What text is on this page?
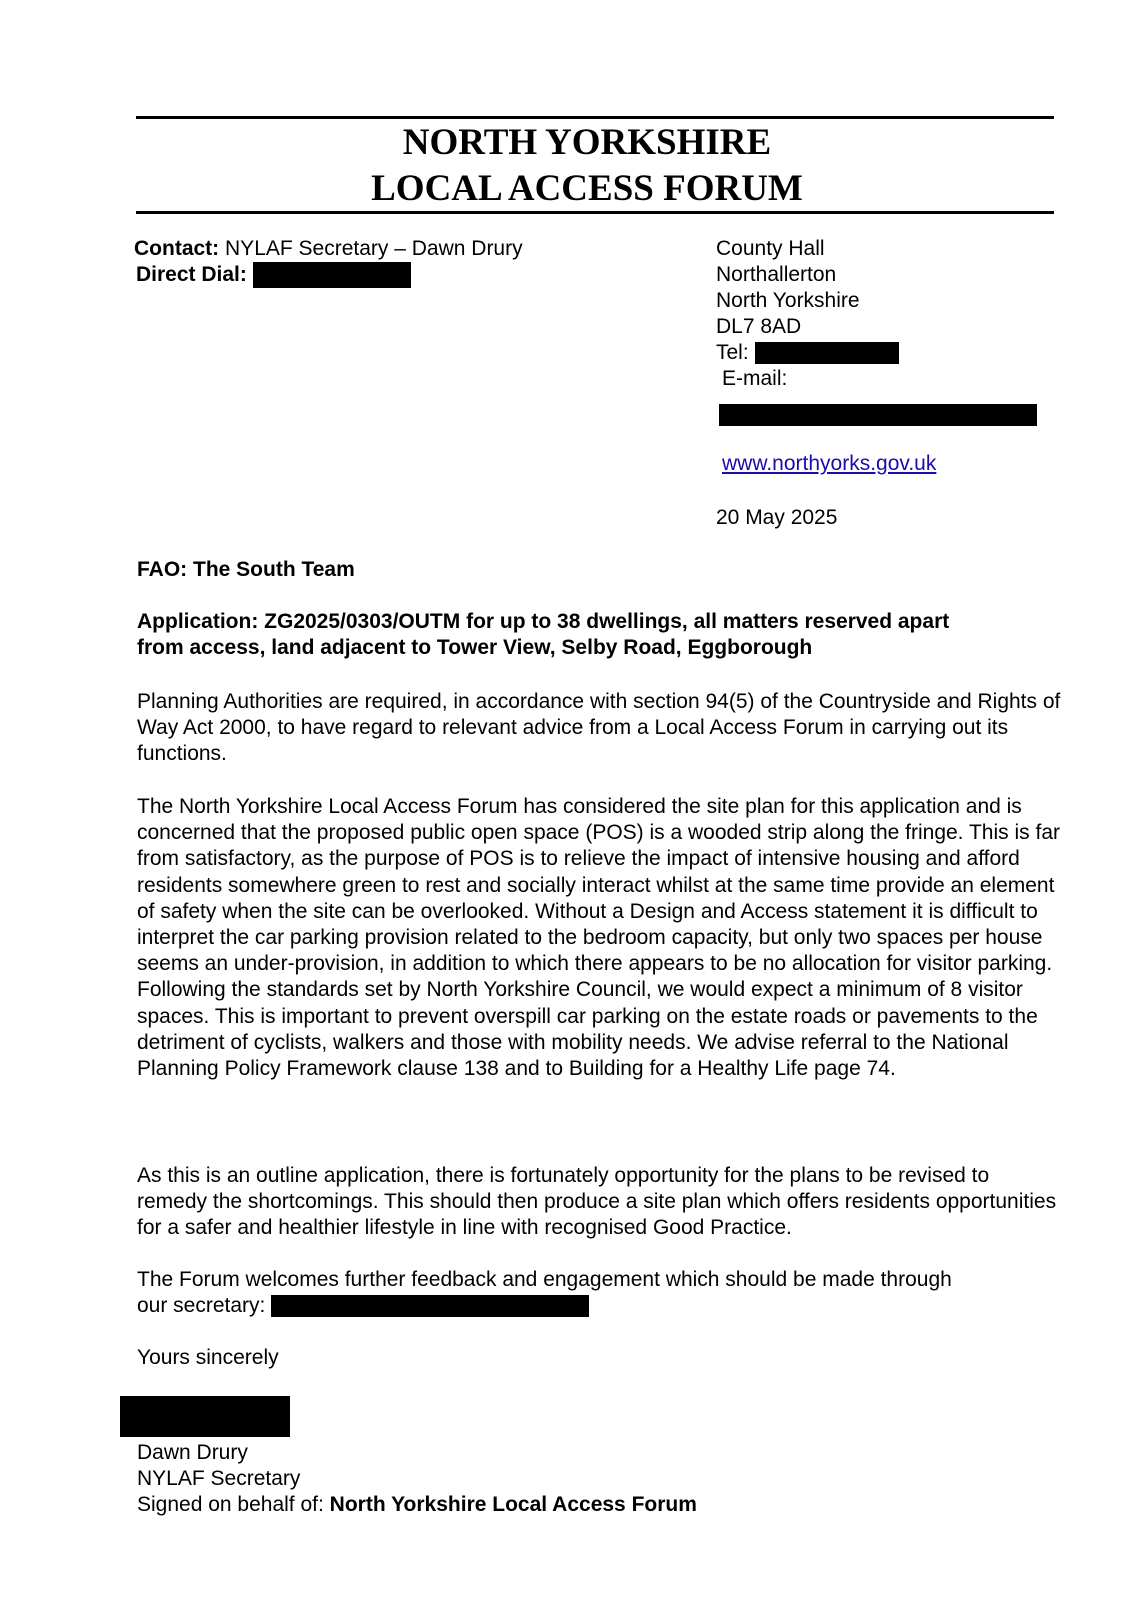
NORTH YORKSHIRE
LOCAL ACCESS FORUM
Contact: NYLAF Secretary – Dawn Drury
Direct Dial:
County Hall
Northallerton
North Yorkshire
DL7 8AD
Tel:
E-mail:
www.northyorks.gov.uk
20 May 2025
FAO: The South Team
Application: ZG2025/0303/OUTM for up to 38 dwellings, all matters reserved apart
from access, land adjacent to Tower View, Selby Road, Eggborough
Planning Authorities are required, in accordance with section 94(5) of the Countryside and Rights of Way Act 2000, to have regard to relevant advice from a Local Access Forum in carrying out its functions.
The North Yorkshire Local Access Forum has considered the site plan for this application and is concerned that the proposed public open space (POS) is a wooded strip along the fringe. This is far from satisfactory, as the purpose of POS is to relieve the impact of intensive housing and afford residents somewhere green to rest and socially interact whilst at the same time provide an element of safety when the site can be overlooked. Without a Design and Access statement it is difficult to interpret the car parking provision related to the bedroom capacity, but only two spaces per house seems an under-provision, in addition to which there appears to be no allocation for visitor parking. Following the standards set by North Yorkshire Council, we would expect a minimum of 8 visitor spaces. This is important to prevent overspill car parking on the estate roads or pavements to the detriment of cyclists, walkers and those with mobility needs. We advise referral to the National Planning Policy Framework clause 138 and to Building for a Healthy Life page 74.
As this is an outline application, there is fortunately opportunity for the plans to be revised to remedy the shortcomings. This should then produce a site plan which offers residents opportunities for a safer and healthier lifestyle in line with recognised Good Practice.
The Forum welcomes further feedback and engagement which should be made through
our secretary:
Yours sincerely
Dawn Drury
NYLAF Secretary
Signed on behalf of: North Yorkshire Local Access Forum
